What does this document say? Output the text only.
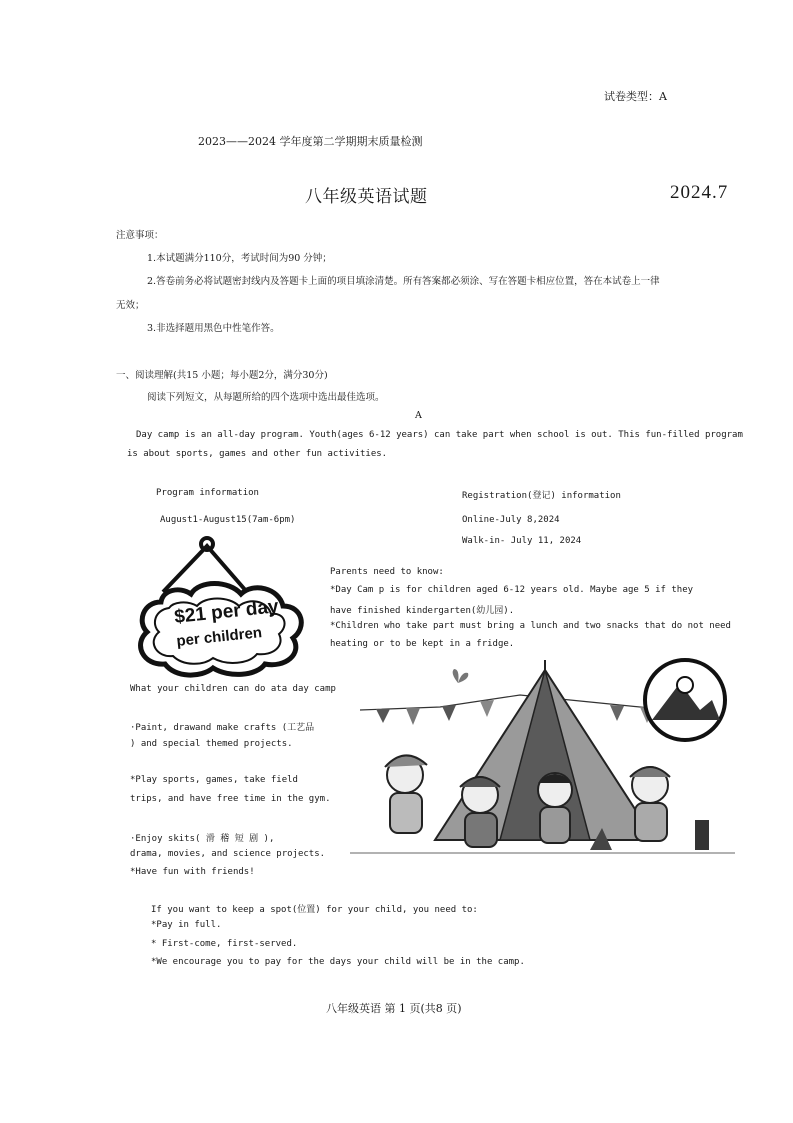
试卷类型：A
2023——2024 学年度第二学期期末质量检测
八年级英语试题	2024.7
注意事项：
1.本试题满分110分，考试时间为90 分钟；
2.答卷前务必将试题密封线内及答题卡上面的项目填涂清楚。所有答案都必须涂、写在答题卡相应位置，答在本试卷上一律
无效；
3.非选择题用黑色中性笔作答。
一、阅读理解(共15 小题；每小题2分，满分30分)
阅读下列短文，从每题所给的四个选项中选出最佳选项。
A
Day camp is an all-day program. Youth(ages 6-12 years) can take part when school is out. This fun-filled program
is about sports, games and other fun activities.
Program information
August1-August15(7am-6pm)
Registration(登记) information
Online-July 8,2024
Walk-in- July 11, 2024
$21 per day
per children
Parents need to know:
*Day Cam p is for children aged 6-12 years old. Maybe age 5 if they
have finished kindergarten(幼儿园).
*Children who take part must bring a lunch and two snacks that do not need
heating or to be kept in a fridge.
What your children can do ata day camp
·Paint, drawand make crafts (工艺品
) and special themed projects.
*Play sports, games, take field
trips, and have free time in the gym.
·Enjoy skits( 滑 稽 短 剧 ),
drama, movies, and science projects.
*Have fun with friends!
If you want to keep a spot(位置) for your child, you need to:
*Pay in full.
* First-come, first-served.
*We encourage you to pay for the days your child will be in the camp.
八年级英语 第 1 页(共8 页)
